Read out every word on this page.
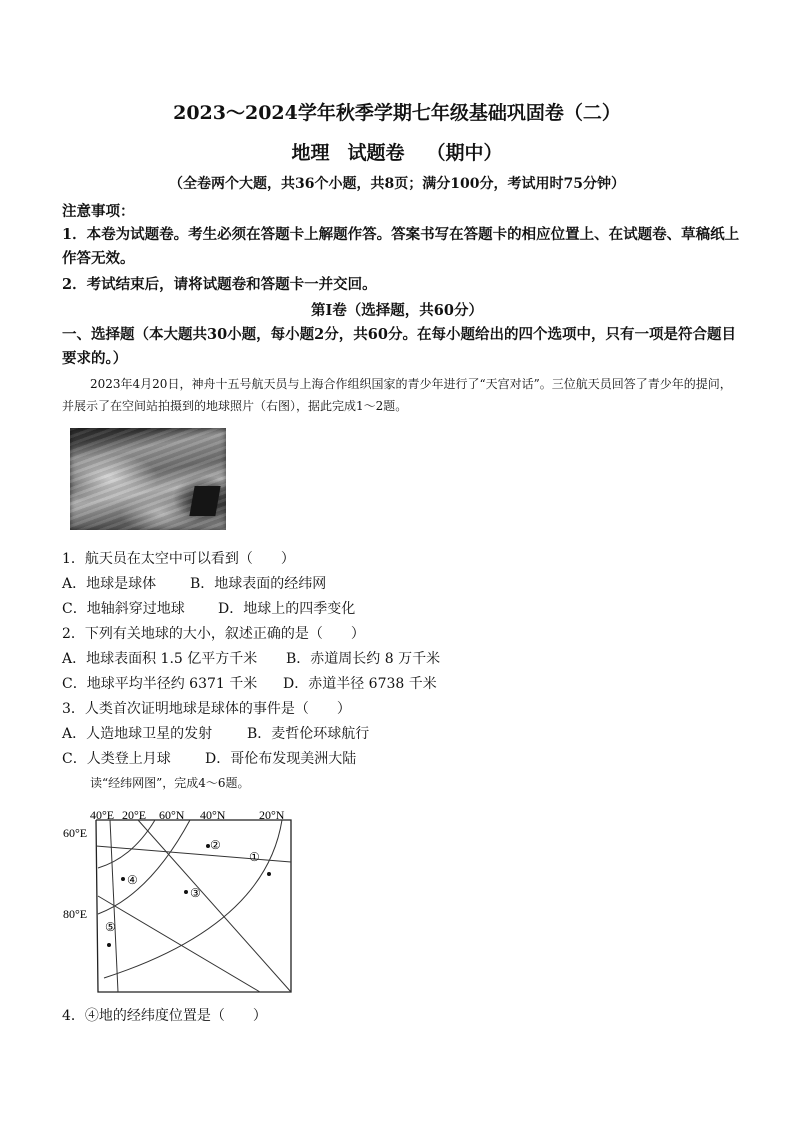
2023～2024学年秋季学期七年级基础巩固卷（二）
地理 试题卷 （期中）
（全卷两个大题，共36个小题，共8页；满分100分，考试用时75分钟）
注意事项：
1．本卷为试题卷。考生必须在答题卡上解题作答。答案书写在答题卡的相应位置上、在试题卷、草稿纸上作答无效。
2．考试结束后，请将试题卷和答题卡一并交回。
第Ⅰ卷（选择题，共60分）
一、选择题（本大题共30小题，每小题2分，共60分。在每小题给出的四个选项中，只有一项是符合题目要求的。）
2023年4月20日，神舟十五号航天员与上海合作组织国家的青少年进行了“天宫对话”。三位航天员回答了青少年的提问，并展示了在空间站拍摄到的地球照片（右图），据此完成1～2题。
1．航天员在太空中可以看到（　　）
A．地球是球体 B．地球表面的经纬网
C．地轴斜穿过地球 D．地球上的四季变化
2．下列有关地球的大小，叙述正确的是（　　）
A．地球表面积 1.5 亿平方千米 B．赤道周长约 8 万千米
C．地球平均半径约 6371 千米 D．赤道半径 6738 千米
3．人类首次证明地球是球体的事件是（　　）
A．人造地球卫星的发射 B．麦哲伦环球航行
C．人类登上月球 D．哥伦布发现美洲大陆
读“经纬网图”，完成4～6题。
40°E 20°E 60°N 40°N	20°N
60°E
80°E
①
②
③
④
⑤
4．④地的经纬度位置是（　　）
